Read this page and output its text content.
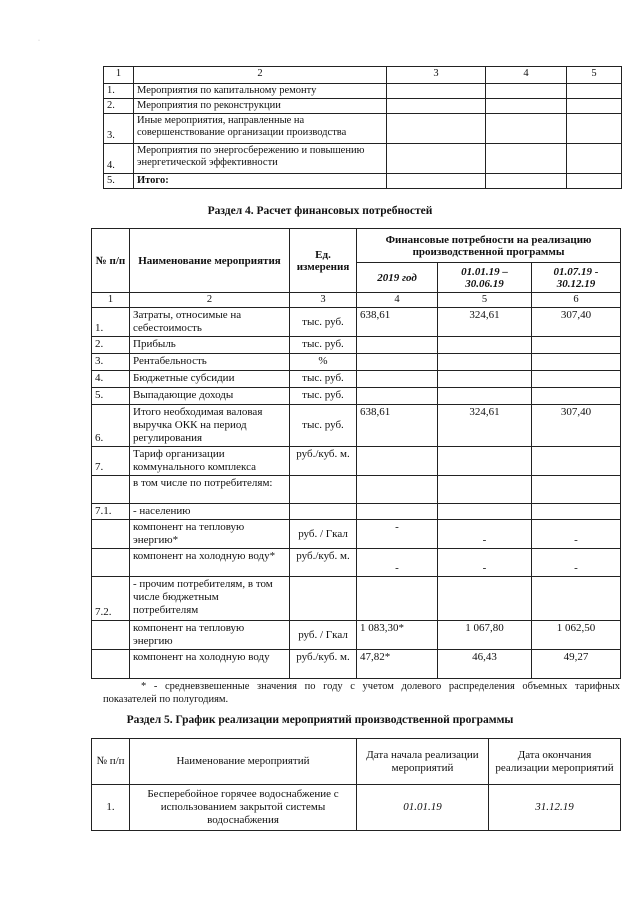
·
1	2	3	4	5
1.	Мероприятия по капитальному ремонту			
2.	Мероприятия по реконструкции			
3.	Иные мероприятия, направленные на совершенствование организации производства			
4.	Мероприятия по энергосбережению и повышению энергетической эффективности			
5.	Итого:			
Раздел 4. Расчет финансовых потребностей
№ п/п	Наименование мероприятия	Ед. измерения	Финансовые потребности на реализацию производственной программы		
			2019 год	01.01.19 – 30.06.19	01.07.19 - 30.12.19
1	2	3	4	5	6
1.	Затраты, относимые на себестоимость	тыс. руб.	638,61	324,61	307,40
2.	Прибыль	тыс. руб.			
3.	Рентабельность	%			
4.	Бюджетные субсидии	тыс. руб.			
5.	Выпадающие доходы	тыс. руб.			
6.	Итого необходимая валовая выручка ОКК на период регулирования	тыс. руб.	638,61	324,61	307,40
7.	Тариф организации коммунального комплекса	руб./куб. м.			
	в том числе по потребителям:				
7.1.	- населению				
	компонент на тепловую энергию*	руб. / Гкал	-	-	-
	компонент на холодную воду*	руб./куб. м.	-	-	-
7.2.	- прочим потребителям, в том числе бюджетным потребителям				
	компонент на тепловую энергию	руб. / Гкал	1 083,30*	1 067,80	1 062,50
	компонент на холодную воду	руб./куб. м.	47,82*	46,43	49,27
* - средневзвешенные значения по году с учетом долевого распределения объемных тарифных показателей по полугодиям.
Раздел 5. График реализации мероприятий производственной программы
№ п/п	Наименование мероприятий	Дата начала реализации мероприятий	Дата окончания реализации мероприятий
1.	Бесперебойное горячее водоснабжение с использованием закрытой системы водоснабжения	01.01.19	31.12.19
